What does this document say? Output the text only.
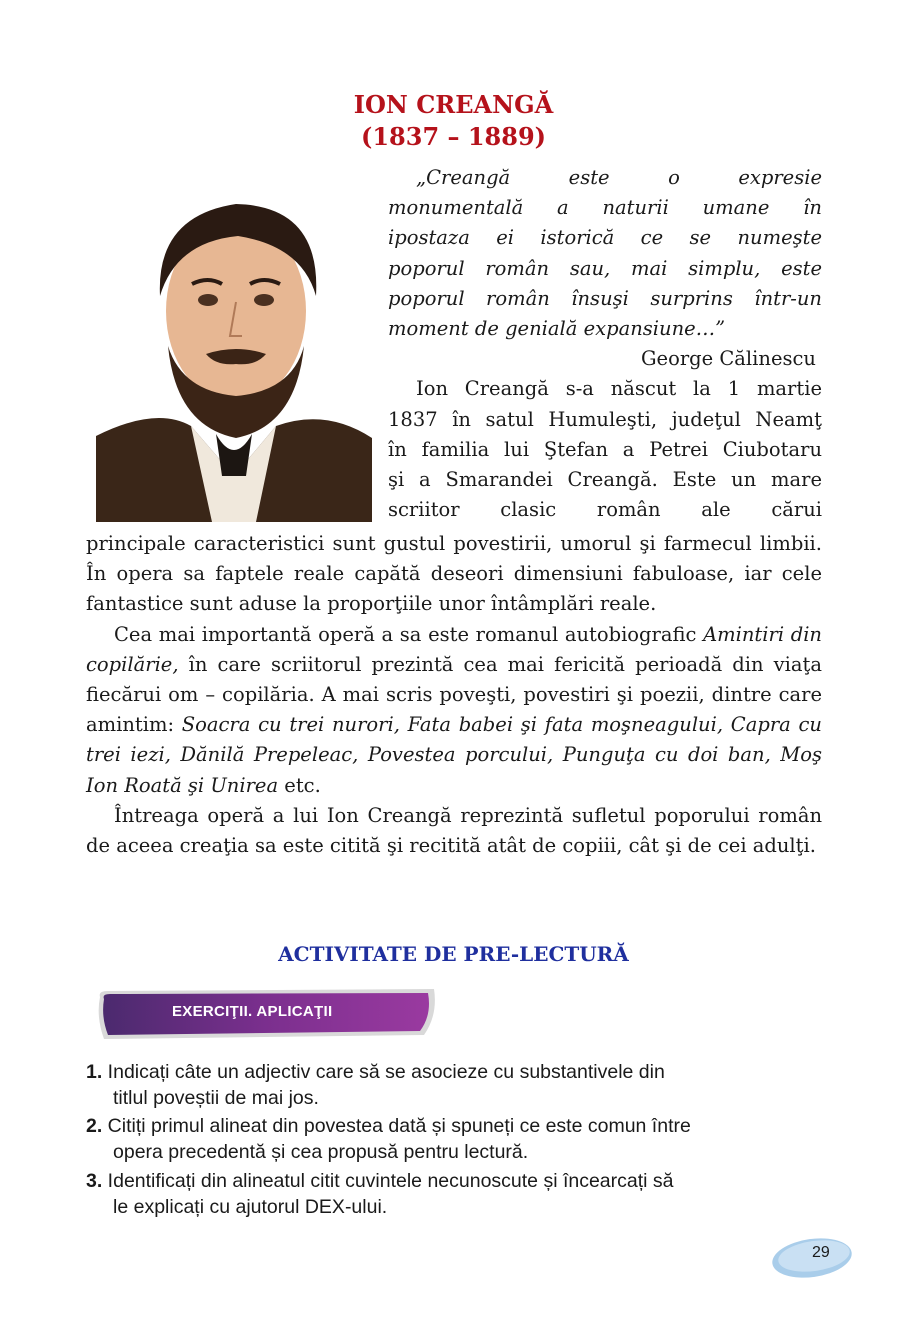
ION CREANGĂ
(1837 – 1889)

„Creangă este o expresie

monumentală a naturii umane în

ipostaza ei istorică ce se numeşte

poporul român sau, mai simplu, este

poporul român însuşi surprins într-un

moment de genială expansiune…”

George Călinescu

Ion Creangă s-a născut la 1 martie

1837 în satul Humuleşti, judeţul Neamţ

în familia lui Ştefan a Petrei Ciubotaru

şi a Smarandei Creangă. Este un mare

scriitor clasic român ale cărui

principale caracteristici sunt gustul povestirii, umorul şi farmecul limbii. În opera sa faptele reale capătă deseori dimensiuni fabuloase, iar cele fantastice sunt aduse la proporţiile unor întâmplări reale.

Cea mai importantă operă a sa este romanul autobiografic Amintiri din copilărie, în care scriitorul prezintă cea mai fericită perioadă din viaţa fiecărui om – copilăria. A mai scris poveşti, povestiri şi poezii, dintre care amintim: Soacra cu trei nurori, Fata babei şi fata moşneagului, Capra cu trei iezi, Dănilă Prepeleac, Povestea porcului, Punguţa cu doi ban, Moş Ion Roată şi Unirea etc.

Întreaga operă a lui Ion Creangă reprezintă sufletul poporului român de aceea creaţia sa este citită şi recitită atât de copiii, cât şi de cei adulţi.

ACTIVITATE DE PRE-LECTURĂ
EXERCIŢII. APLICAŢII
1. Indicați câte un adjectiv care să se asocieze cu substantivele din
titlul poveștii de mai jos.
2. Citiți primul alineat din povestea dată și spuneți ce este comun între
opera precedentă și cea propusă pentru lectură.
3. Identificați din alineatul citit cuvintele necunoscute și încearcați să
le explicați cu ajutorul DEX-ului.
29
